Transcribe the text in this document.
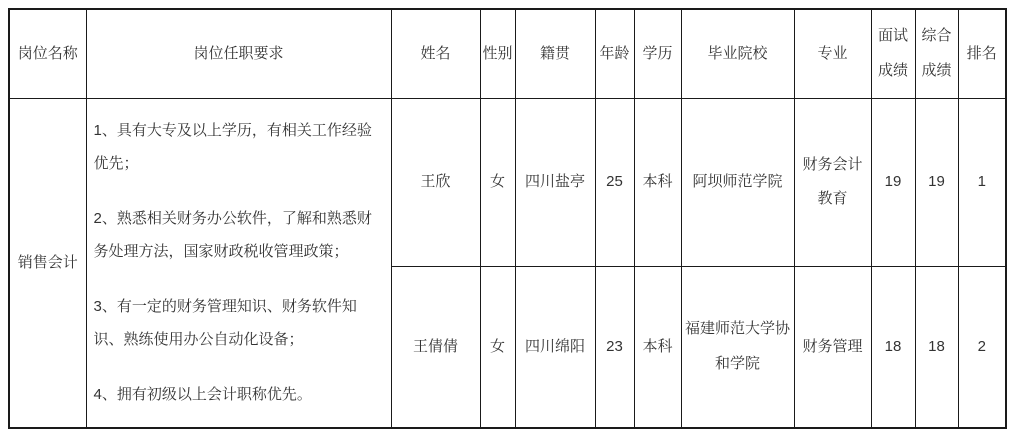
岗位名称	岗位任职要求	姓名	性别	籍贯	年龄	学历	毕业院校	专业	面试成绩	综合成绩	排名
销售会计	1、具有大专及以上学历，有相关工作经验优先；

2、熟悉相关财务办公软件，了解和熟悉财务处理方法，国家财政税收管理政策；

3、有一定的财务管理知识、财务软件知识、熟练使用办公自动化设备；

4、拥有初级以上会计职称优先。	王欣	女	四川盐亭	25	本科	阿坝师范学院	财务会计教育	19	19	1
		王倩倩	女	四川绵阳	23	本科	福建师范大学协和学院	财务管理	18	18	2
